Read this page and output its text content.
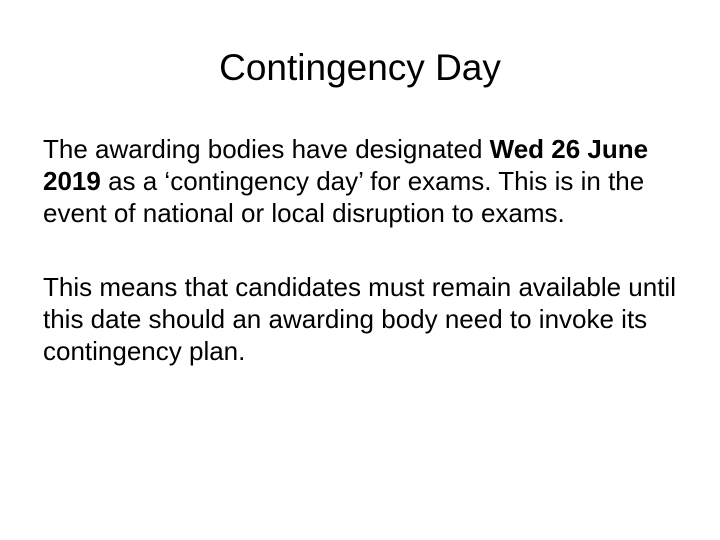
Contingency Day

The awarding bodies have designated Wed 26 June 2019 as a ‘contingency day’ for exams. This is in the event of national or local disruption to exams.

This means that candidates must remain available until this date should an awarding body need to invoke its contingency plan.
